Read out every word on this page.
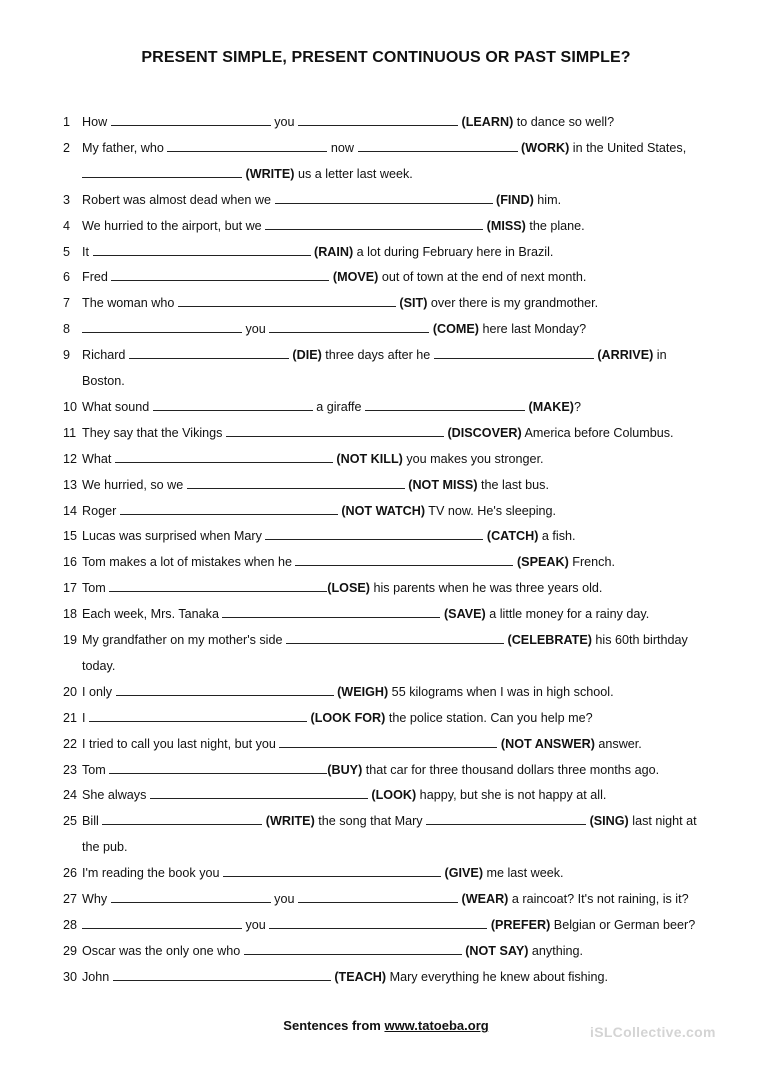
PRESENT SIMPLE, PRESENT CONTINUOUS OR PAST SIMPLE?
1 How	you	(LEARN) to dance so well?
2 My father, who	now	(WORK) in the United States,
(WRITE) us a letter last week.
3 Robert was almost dead when we	(FIND) him.
4 We hurried to the airport, but we	(MISS) the plane.
5 It	(RAIN) a lot during February here in Brazil.
6 Fred	(MOVE) out of town at the end of next month.
7 The woman who	(SIT) over there is my grandmother.
8	you	(COME) here last Monday?
9 Richard	(DIE) three days after he	(ARRIVE) in
Boston.
10 What sound	a giraffe	(MAKE)?
11 They say that the Vikings	(DISCOVER) America before Columbus.
12 What	(NOT KILL) you makes you stronger.
13 We hurried, so we	(NOT MISS) the last bus.
14 Roger	(NOT WATCH) TV now. He's sleeping.
15 Lucas was surprised when Mary	(CATCH) a fish.
16 Tom makes a lot of mistakes when he	(SPEAK) French.
17 Tom	(LOSE) his parents when he was three years old.
18 Each week, Mrs. Tanaka	(SAVE) a little money for a rainy day.
19 My grandfather on my mother's side	(CELEBRATE) his 60th birthday
today.
20 I only	(WEIGH) 55 kilograms when I was in high school.
21 I	(LOOK FOR) the police station. Can you help me?
22 I tried to call you last night, but you	(NOT ANSWER) answer.
23 Tom	(BUY) that car for three thousand dollars three months ago.
24 She always	(LOOK) happy, but she is not happy at all.
25 Bill	(WRITE) the song that Mary	(SING) last night at
the pub.
26 I'm reading the book you	(GIVE) me last week.
27 Why	you	(WEAR) a raincoat? It's not raining, is it?
28	you	(PREFER) Belgian or German beer?
29 Oscar was the only one who	(NOT SAY) anything.
30 John	(TEACH) Mary everything he knew about fishing.
Sentences from www.tatoeba.org	iSLCollective.com
